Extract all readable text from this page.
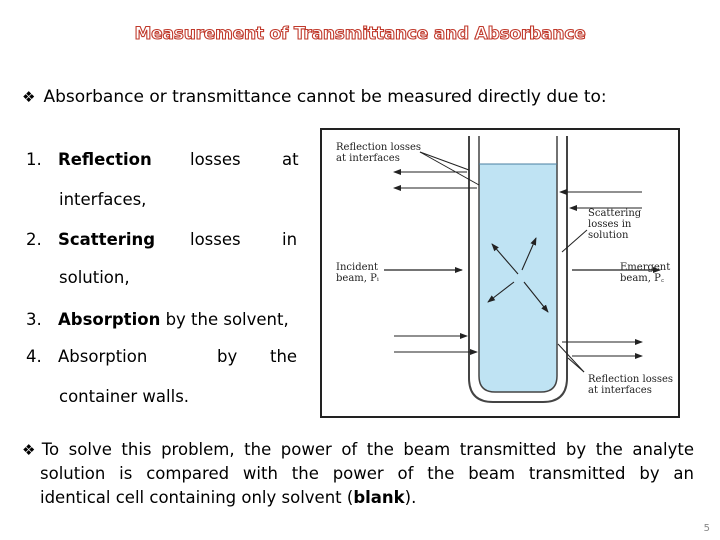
Measurement of Transmittance and Absorbance
❖ Absorbance or transmittance cannot be measured directly due to:
1. Reflection losses	at
interfaces,
2. Scattering losses	in
solution,
3. Absorption by the solvent,
4. Absorption	by the
container walls.
Reflection losses
at interfaces
Scattering
losses in
solution
Incident
beam, Pᵢ
Emergent
beam, P꜀
Reflection losses
at interfaces
❖ To solve this problem, the power of the beam transmitted by the analyte
solution is compared with the power of the beam transmitted by an
identical cell containing only solvent (blank).
5
